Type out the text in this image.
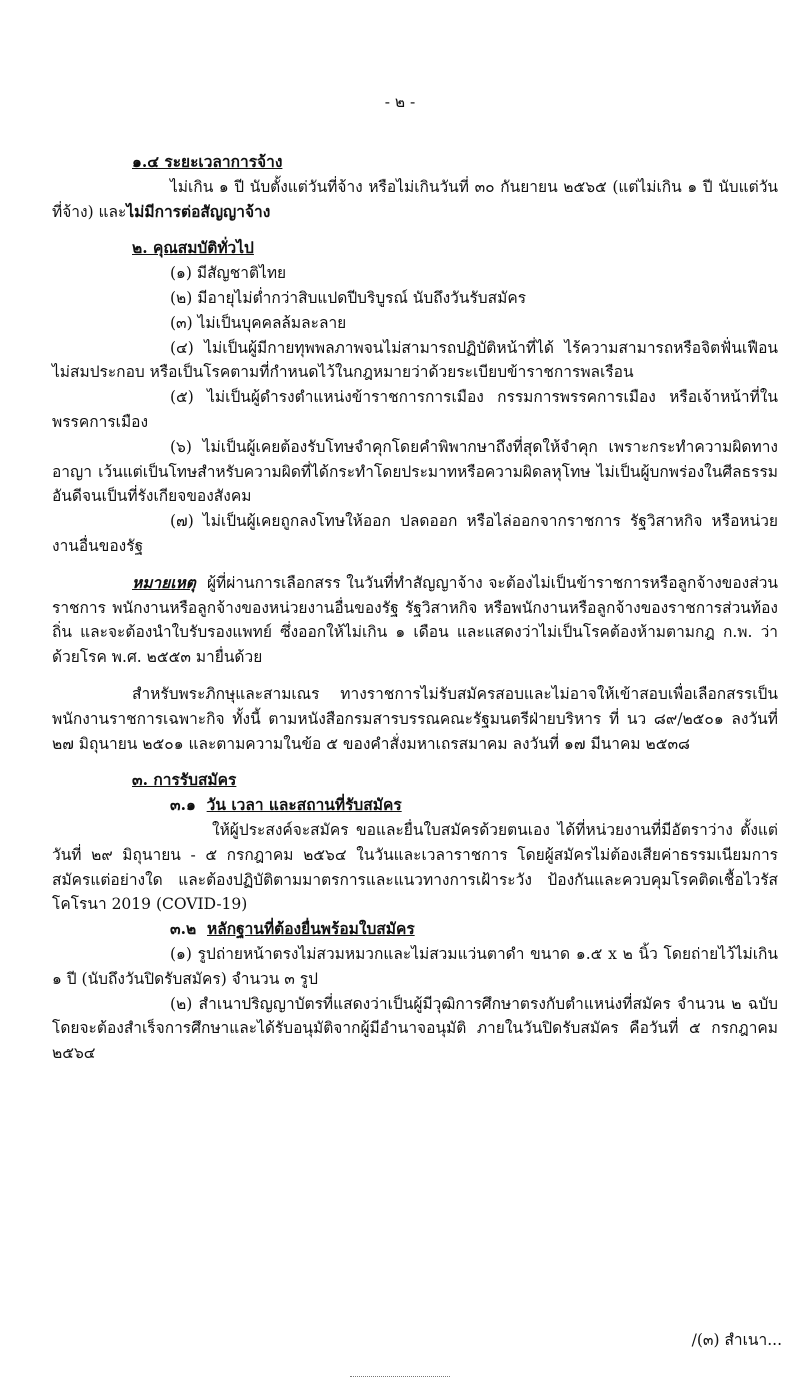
- ๒ -

๑.๔ ระยะเวลาการจ้าง

ไม่เกิน ๑ ปี นับตั้งแต่วันที่จ้าง หรือไม่เกินวันที่ ๓๐ กันยายน ๒๕๖๕ (แต่ไม่เกิน ๑ ปี นับแต่วันที่จ้าง) และไม่มีการต่อสัญญาจ้าง

๒. คุณสมบัติทั่วไป

(๑) มีสัญชาติไทย

(๒) มีอายุไม่ต่ำกว่าสิบแปดปีบริบูรณ์ นับถึงวันรับสมัคร

(๓) ไม่เป็นบุคคลล้มละลาย

(๔) ไม่เป็นผู้มีกายทุพพลภาพจนไม่สามารถปฏิบัติหน้าที่ได้ ไร้ความสามารถหรือจิตฟั่นเฟือน ไม่สมประกอบ หรือเป็นโรคตามที่กำหนดไว้ในกฎหมายว่าด้วยระเบียบข้าราชการพลเรือน

(๕) ไม่เป็นผู้ดำรงตำแหน่งข้าราชการการเมือง กรรมการพรรคการเมือง หรือเจ้าหน้าที่ในพรรคการเมือง

(๖) ไม่เป็นผู้เคยต้องรับโทษจำคุกโดยคำพิพากษาถึงที่สุดให้จำคุก เพราะกระทำความผิดทางอาญา เว้นแต่เป็นโทษสำหรับความผิดที่ได้กระทำโดยประมาทหรือความผิดลหุโทษ ไม่เป็นผู้บกพร่องในศีลธรรมอันดีจนเป็นที่รังเกียจของสังคม

(๗) ไม่เป็นผู้เคยถูกลงโทษให้ออก ปลดออก หรือไล่ออกจากราชการ รัฐวิสาหกิจ หรือหน่วยงานอื่นของรัฐ

หมายเหตุ ผู้ที่ผ่านการเลือกสรร ในวันที่ทำสัญญาจ้าง จะต้องไม่เป็นข้าราชการหรือลูกจ้างของส่วนราชการ พนักงานหรือลูกจ้างของหน่วยงานอื่นของรัฐ รัฐวิสาหกิจ หรือพนักงานหรือลูกจ้างของราชการส่วนท้องถิ่น และจะต้องนำใบรับรองแพทย์ ซึ่งออกให้ไม่เกิน ๑ เดือน และแสดงว่าไม่เป็นโรคต้องห้ามตามกฎ ก.พ. ว่าด้วยโรค พ.ศ. ๒๕๕๓ มายื่นด้วย

สำหรับพระภิกษุและสามเณร ทางราชการไม่รับสมัครสอบและไม่อาจให้เข้าสอบเพื่อเลือกสรรเป็นพนักงานราชการเฉพาะกิจ ทั้งนี้ ตามหนังสือกรมสารบรรณคณะรัฐมนตรีฝ่ายบริหาร ที่ นว ๘๙/๒๕๐๑ ลงวันที่ ๒๗ มิถุนายน ๒๕๐๑ และตามความในข้อ ๕ ของคำสั่งมหาเถรสมาคม ลงวันที่ ๑๗ มีนาคม ๒๕๓๘

๓. การรับสมัคร

๓.๑ วัน เวลา และสถานที่รับสมัคร

ให้ผู้ประสงค์จะสมัคร ขอและยื่นใบสมัครด้วยตนเอง ได้ที่หน่วยงานที่มีอัตราว่าง ตั้งแต่วันที่ ๒๙ มิถุนายน - ๕ กรกฎาคม ๒๕๖๔ ในวันและเวลาราชการ โดยผู้สมัครไม่ต้องเสียค่าธรรมเนียมการสมัครแต่อย่างใด และต้องปฏิบัติตามมาตรการและแนวทางการเฝ้าระวัง ป้องกันและควบคุมโรคติดเชื้อไวรัสโคโรนา 2019 (COVID-19)

๓.๒ หลักฐานที่ต้องยื่นพร้อมใบสมัคร

(๑) รูปถ่ายหน้าตรงไม่สวมหมวกและไม่สวมแว่นตาดำ ขนาด ๑.๕ x ๒ นิ้ว โดยถ่ายไว้ไม่เกิน ๑ ปี (นับถึงวันปิดรับสมัคร) จำนวน ๓ รูป

(๒) สำเนาปริญญาบัตรที่แสดงว่าเป็นผู้มีวุฒิการศึกษาตรงกับตำแหน่งที่สมัคร จำนวน ๒ ฉบับ โดยจะต้องสำเร็จการศึกษาและได้รับอนุมัติจากผู้มีอำนาจอนุมัติ ภายในวันปิดรับสมัคร คือวันที่ ๕ กรกฎาคม ๒๕๖๔

/(๓) สำเนา...
